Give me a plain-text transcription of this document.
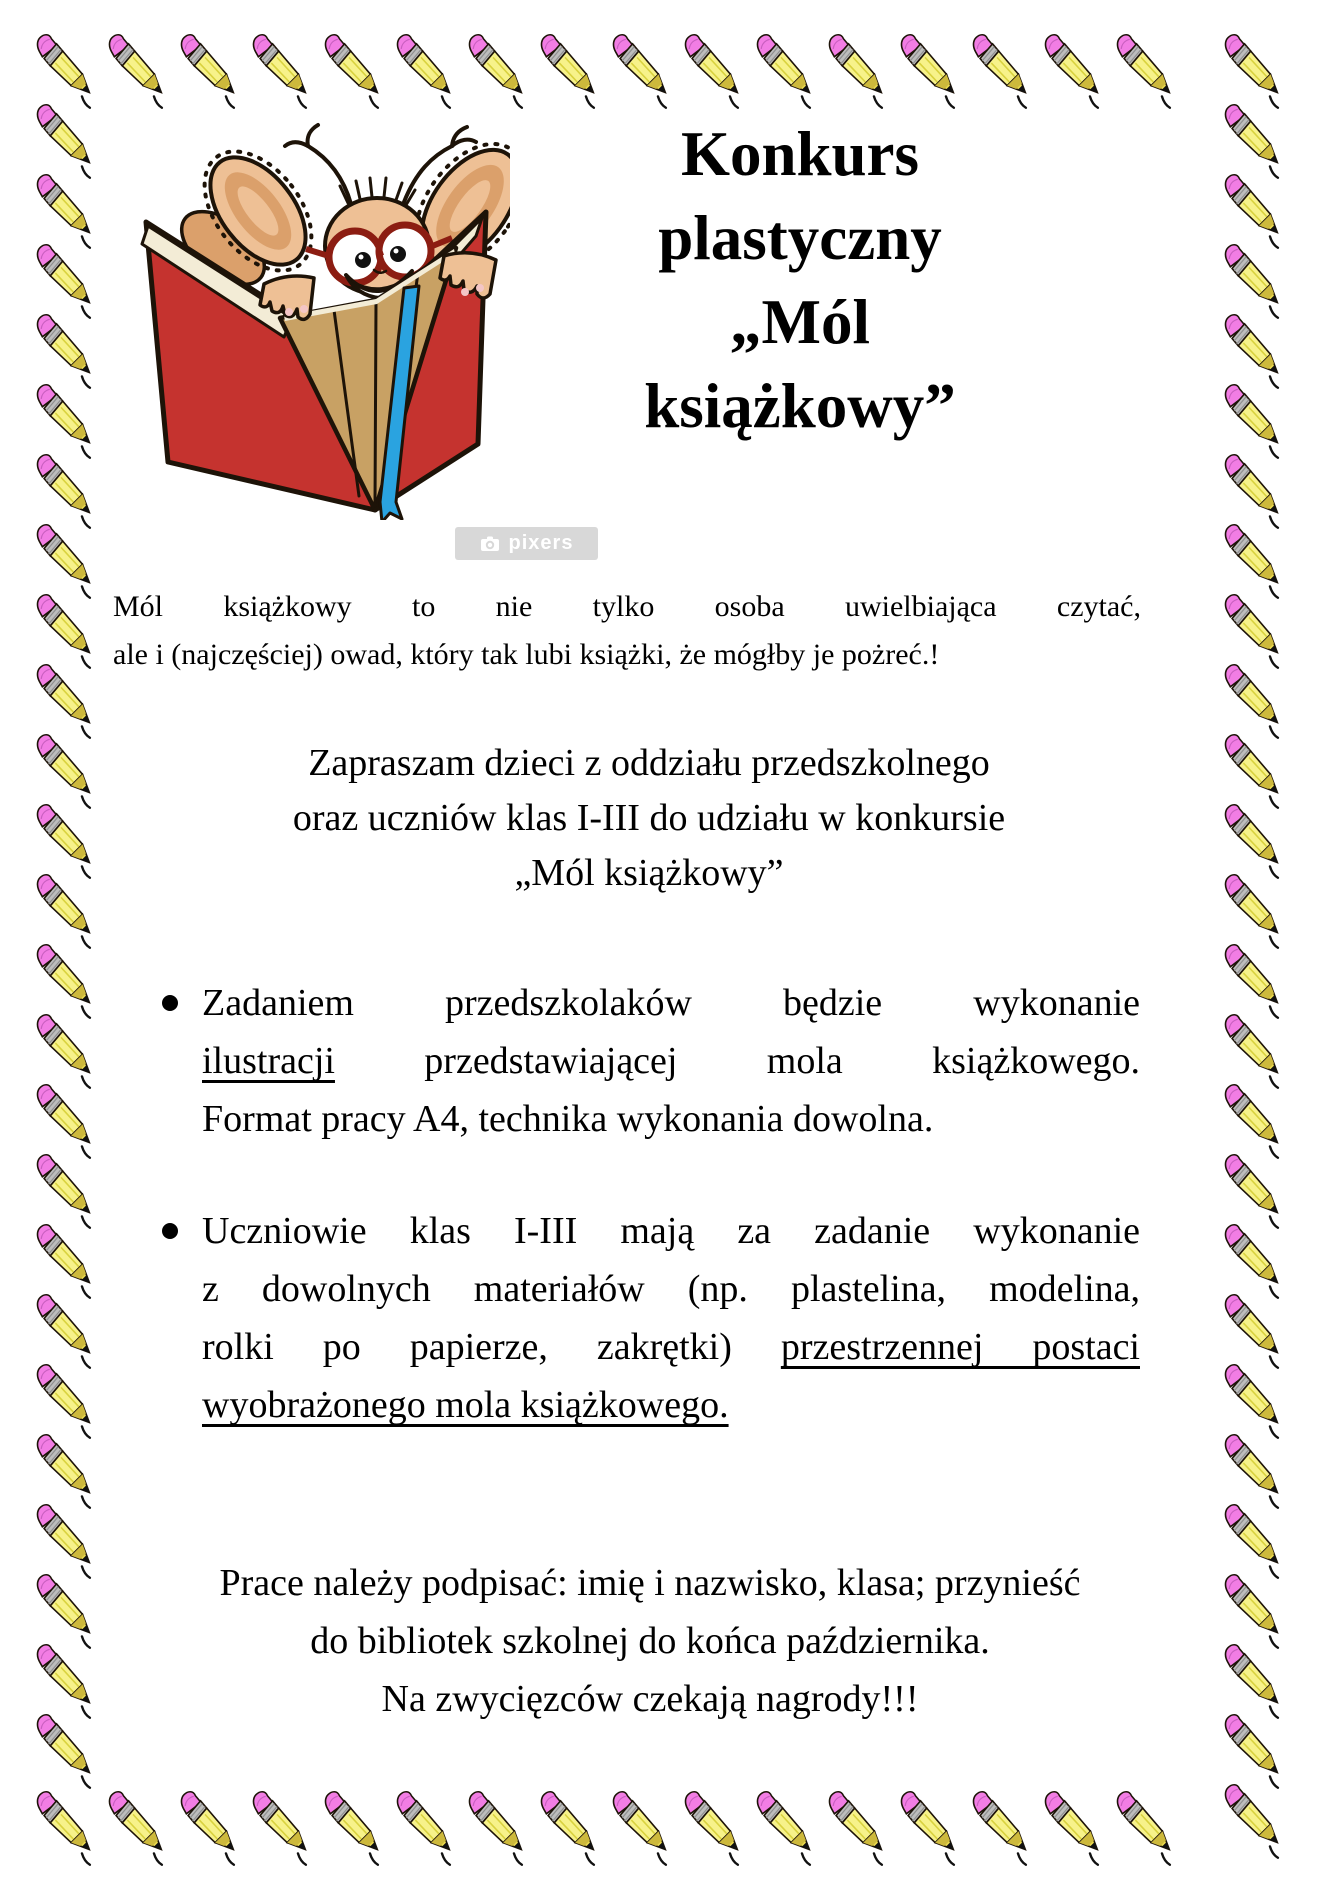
pixers
Konkurs
plastyczny
„Mól
książkowy”
Mól książkowy to nie tylko osoba uwielbiająca czytać,
ale i (najczęściej) owad, który tak lubi książki, że mógłby je pożreć.!
Zapraszam dzieci z oddziału przedszkolnego
oraz uczniów klas I-III do udziału w konkursie
„Mól książkowy”
Zadaniem przedszkolaków będzie wykonanie
ilustracji przedstawiającej mola książkowego.
Format pracy A4, technika wykonania dowolna.
Uczniowie klas I-III mają za zadanie wykonanie
z dowolnych materiałów (np. plastelina, modelina,
rolki po papierze, zakrętki) przestrzennej postaci
wyobrażonego mola książkowego.
Prace należy podpisać: imię i nazwisko, klasa; przynieść
do bibliotek szkolnej do końca października.
Na zwycięzców czekają nagrody!!!
